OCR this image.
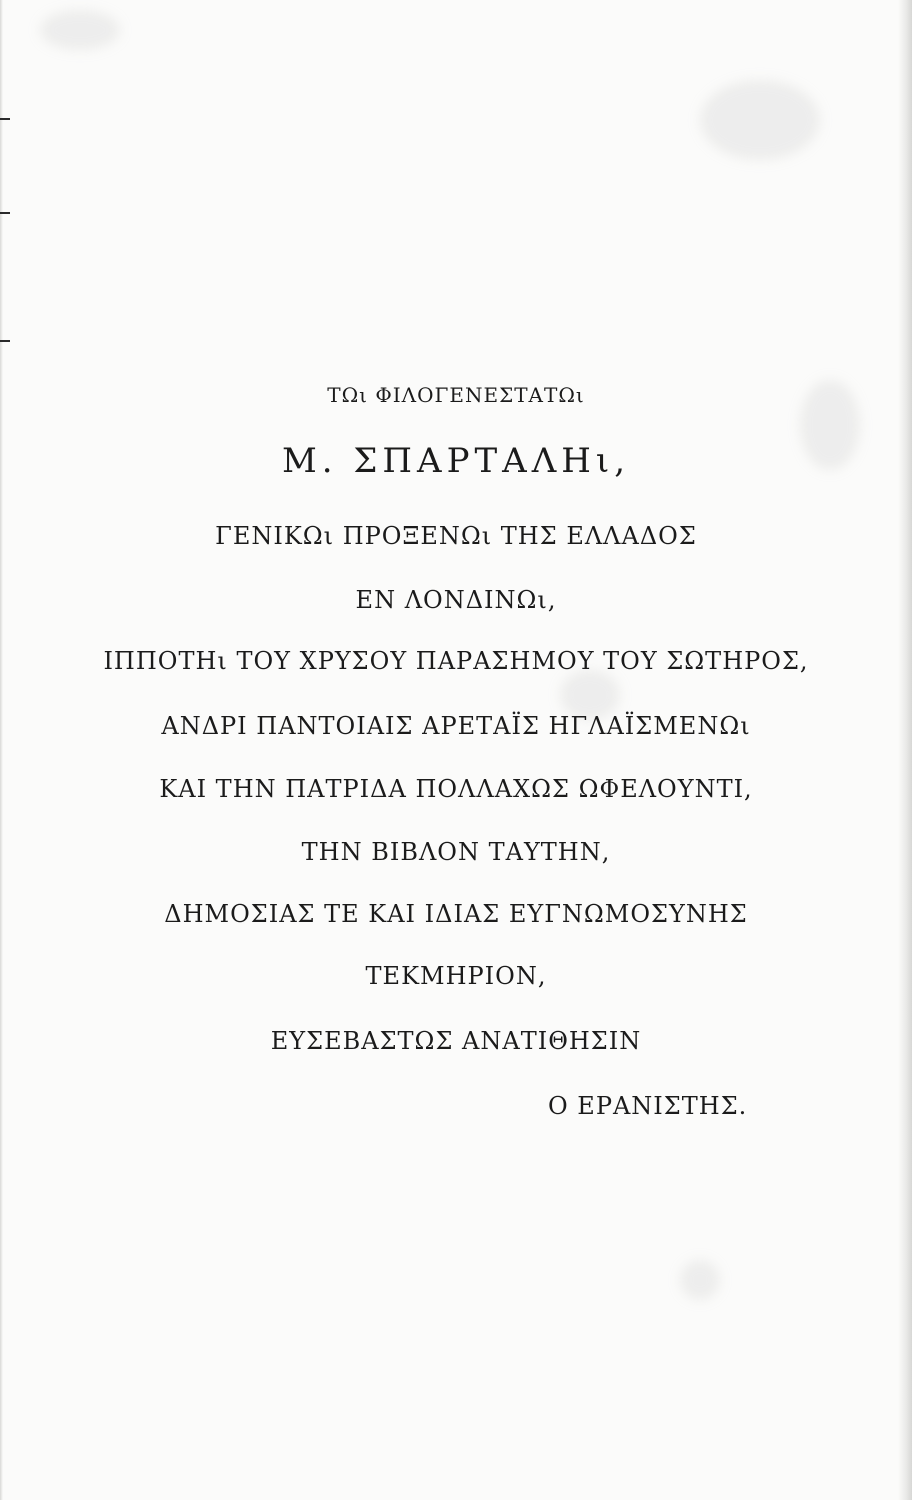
ΤΩι ΦΙΛΟΓΕΝΕΣΤΑΤΩι
Μ. ΣΠΑΡΤΑΛΗι,
ΓΕΝΙΚΩι ΠΡΟΞΕΝΩι ΤΗΣ ΕΛΛΑΔΟΣ
ΕΝ ΛΟΝΔΙΝΩι,
ΙΠΠΟΤΗι ΤΟΥ ΧΡΥΣΟΥ ΠΑΡΑΣΗΜΟΥ ΤΟΥ ΣΩΤΗΡΟΣ,
ΑΝΔΡΙ ΠΑΝΤΟΙΑΙΣ ΑΡΕΤΑΪΣ ΗΓΛΑΪΣΜΕΝΩι
ΚΑΙ ΤΗΝ ΠΑΤΡΙΔΑ ΠΟΛΛΑΧΩΣ ΩΦΕΛΟΥΝΤΙ,
ΤΗΝ ΒΙΒΛΟΝ ΤΑΥΤΗΝ,
ΔΗΜΟΣΙΑΣ ΤΕ ΚΑΙ ΙΔΙΑΣ ΕΥΓΝΩΜΟΣΥΝΗΣ
ΤΕΚΜΗΡΙΟΝ,
ΕΥΣΕΒΑΣΤΩΣ ΑΝΑΤΙΘΗΣΙΝ
Ο ΕΡΑΝΙΣΤΗΣ.
